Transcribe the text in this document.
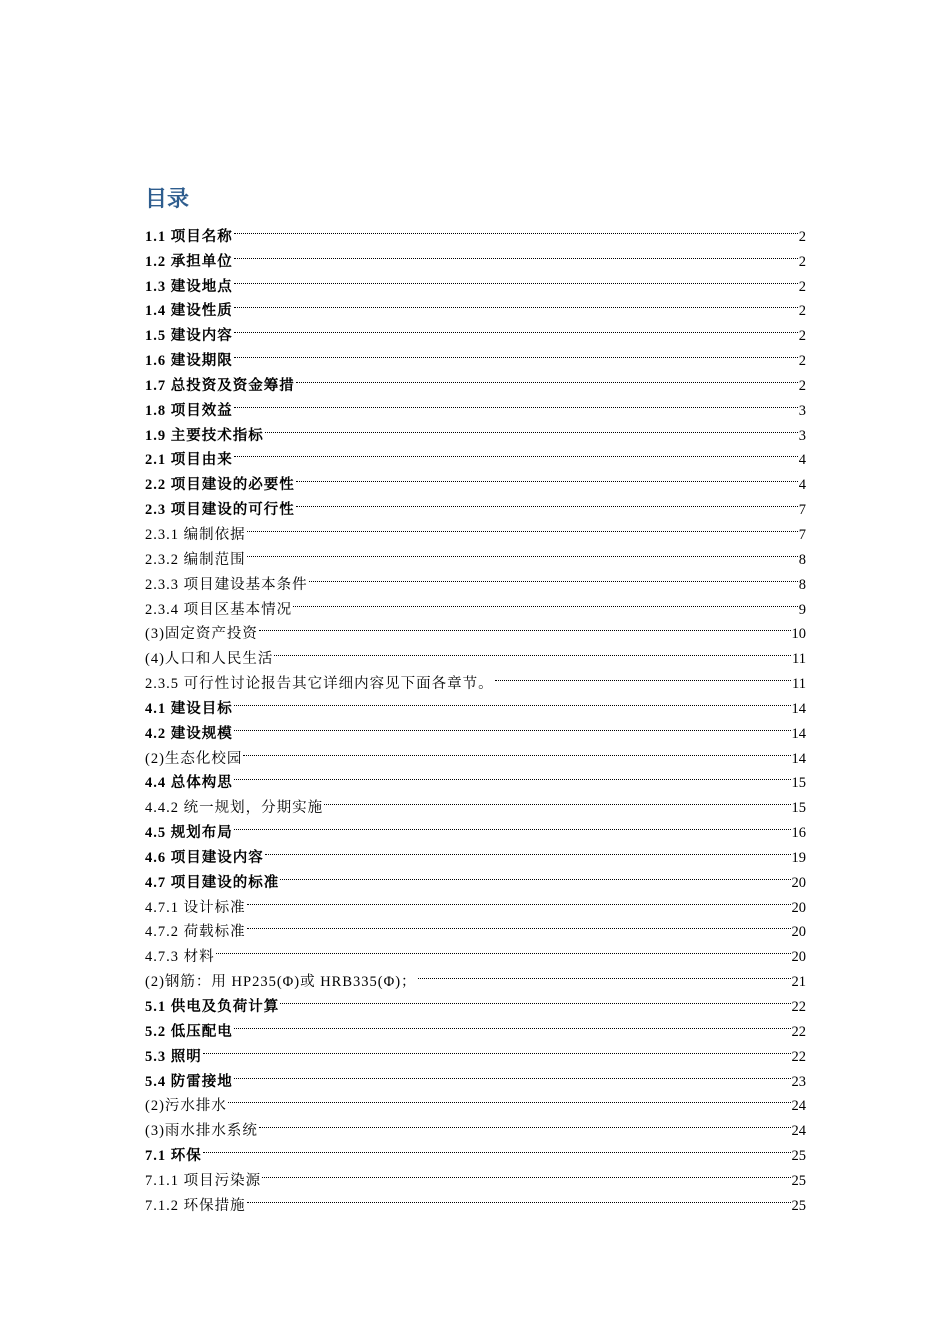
目录
1.1 项目名称	2
1.2 承担单位	2
1.3 建设地点	2
1.4 建设性质	2
1.5 建设内容	2
1.6 建设期限	2
1.7 总投资及资金筹措	2
1.8 项目效益	3
1.9 主要技术指标	3
2.1 项目由来	4
2.2 项目建设的必要性	4
2.3 项目建设的可行性	7
2.3.1 编制依据	7
2.3.2 编制范围	8
2.3.3 项目建设基本条件	8
2.3.4 项目区基本情况	9
(3)固定资产投资	10
(4)人口和人民生活	11
2.3.5 可行性讨论报告其它详细内容见下面各章节。	11
4.1 建设目标	14
4.2 建设规模	14
(2)生态化校园	14
4.4 总体构思	15
4.4.2 统一规划，分期实施	15
4.5 规划布局	16
4.6 项目建设内容	19
4.7 项目建设的标准	20
4.7.1 设计标准	20
4.7.2 荷载标准	20
4.7.3 材料	20
(2)钢筋：用 HP235(Φ)或 HRB335(Φ)；	21
5.1 供电及负荷计算	22
5.2 低压配电	22
5.3 照明	22
5.4 防雷接地	23
(2)污水排水	24
(3)雨水排水系统	24
7.1 环保	25
7.1.1 项目污染源	25
7.1.2 环保措施	25
